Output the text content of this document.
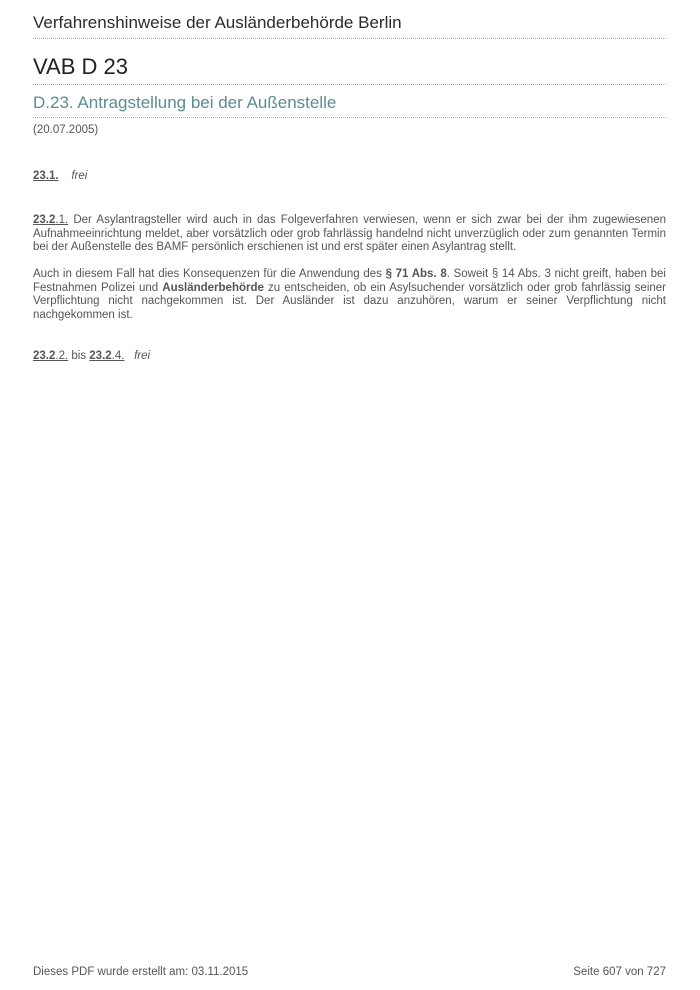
Verfahrenshinweise der Ausländerbehörde Berlin
VAB D 23
D.23. Antragstellung bei der Außenstelle
(20.07.2005)
23.1. frei
23.2.1. Der Asylantragsteller wird auch in das Folgeverfahren verwiesen, wenn er sich zwar bei der ihm zugewiesenen Aufnahmeeinrichtung meldet, aber vorsätzlich oder grob fahrlässig handelnd nicht unverzüglich oder zum genannten Termin bei der Außenstelle des BAMF persönlich erschienen ist und erst später einen Asylantrag stellt.
Auch in diesem Fall hat dies Konsequenzen für die Anwendung des § 71 Abs. 8. Soweit § 14 Abs. 3 nicht greift, haben bei Festnahmen Polizei und Ausländerbehörde zu entscheiden, ob ein Asylsuchender vorsätzlich oder grob fahrlässig seiner Verpflichtung nicht nachgekommen ist. Der Ausländer ist dazu anzuhören, warum er seiner Verpflichtung nicht nachgekommen ist.
23.2.2. bis 23.2.4. frei
Dieses PDF wurde erstellt am: 03.11.2015	Seite 607 von 727
